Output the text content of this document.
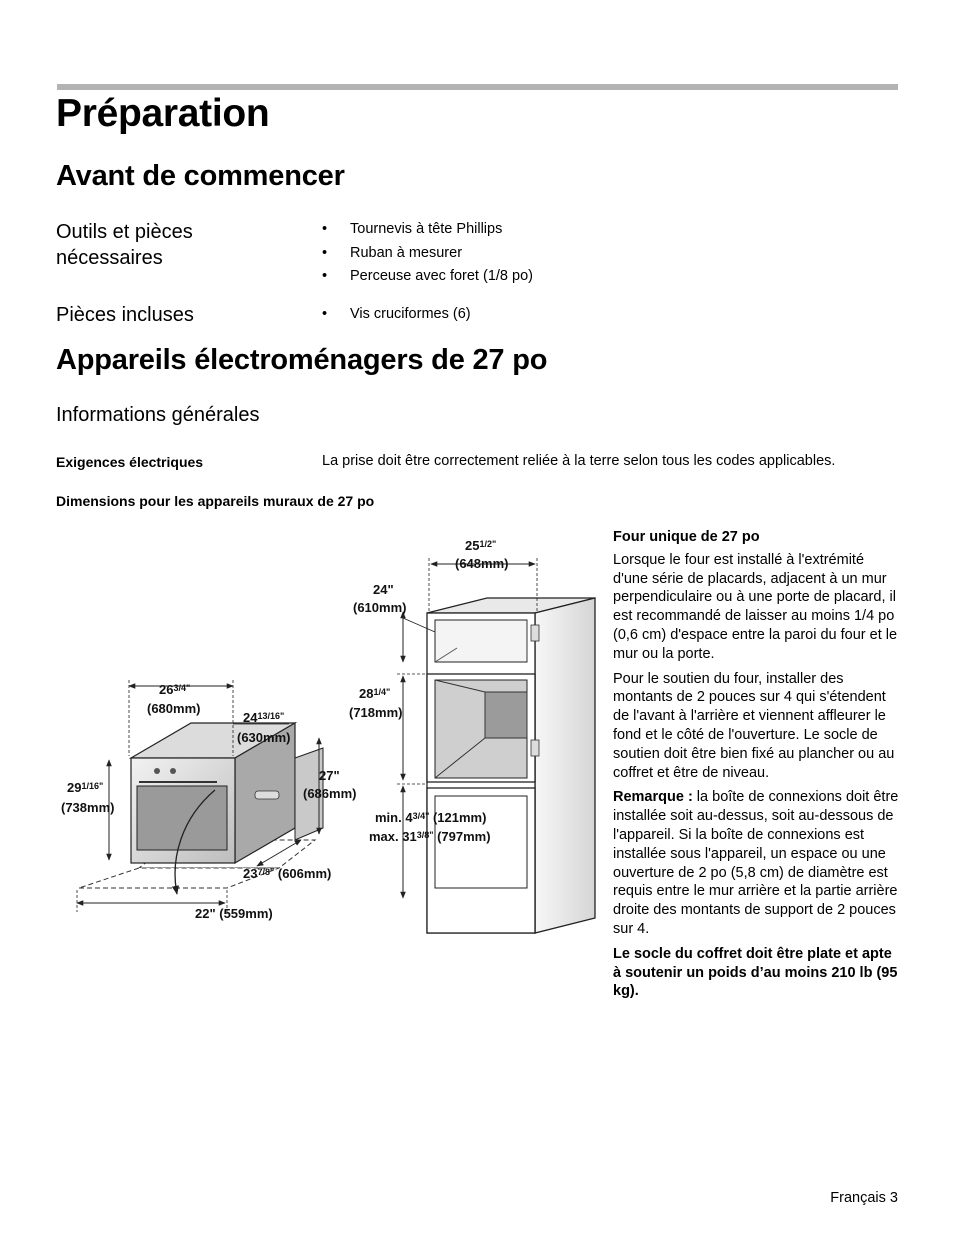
Préparation
Avant de commencer
Outils et pièces nécessaires
• Tournevis à tête Phillips
• Ruban à mesurer
• Perceuse avec foret (1/8 po)
Pièces incluses
•	Vis cruciformes (6)
Appareils électroménagers de 27 po
Informations générales
Exigences électriques	La prise doit être correctement reliée à la terre selon tous les codes applicables.
Dimensions pour les appareils muraux de 27 po
$25^{1/2"}$
(648mm)
24"
(610mm)
$28^{1/4"}$
(718mm)
$26^{3/4"}$
(680mm)
$24^{13/16"}$
(630mm)
27"
(686mm)
$29^{1/16"}$
(738mm)
min. $4^{3/4"}$ (121mm)
max. $31^{3/8"}$ (797mm)
$23^{7/8"}$ (606mm)
22" (559mm)

Four unique de 27 po

Lorsque le four est installé à l'extrémité d'une série de placards, adjacent à un mur perpendiculaire ou à une porte de placard, il est recommandé de laisser au moins 1/4 po (0,6 cm) d'espace entre la paroi du four et le mur ou la porte.

Pour le soutien du four, installer des montants de 2 pouces sur 4 qui s'étendent de l'avant à l'arrière et viennent affleurer le fond et le côté de l'ouverture. Le socle de soutien doit être bien fixé au plancher ou au coffret et être de niveau.

Remarque : la boîte de connexions doit être installée soit au-dessus, soit au-dessous de l'appareil. Si la boîte de connexions est installée sous l'appareil, un espace ou une ouverture de 2 po (5,8 cm) de diamètre est requis entre le mur arrière et la partie arrière droite des montants de support de 2 pouces sur 4.

Le socle du coffret doit être plate et apte à soutenir un poids d’au moins 210 lb (95 kg).

Français 3
